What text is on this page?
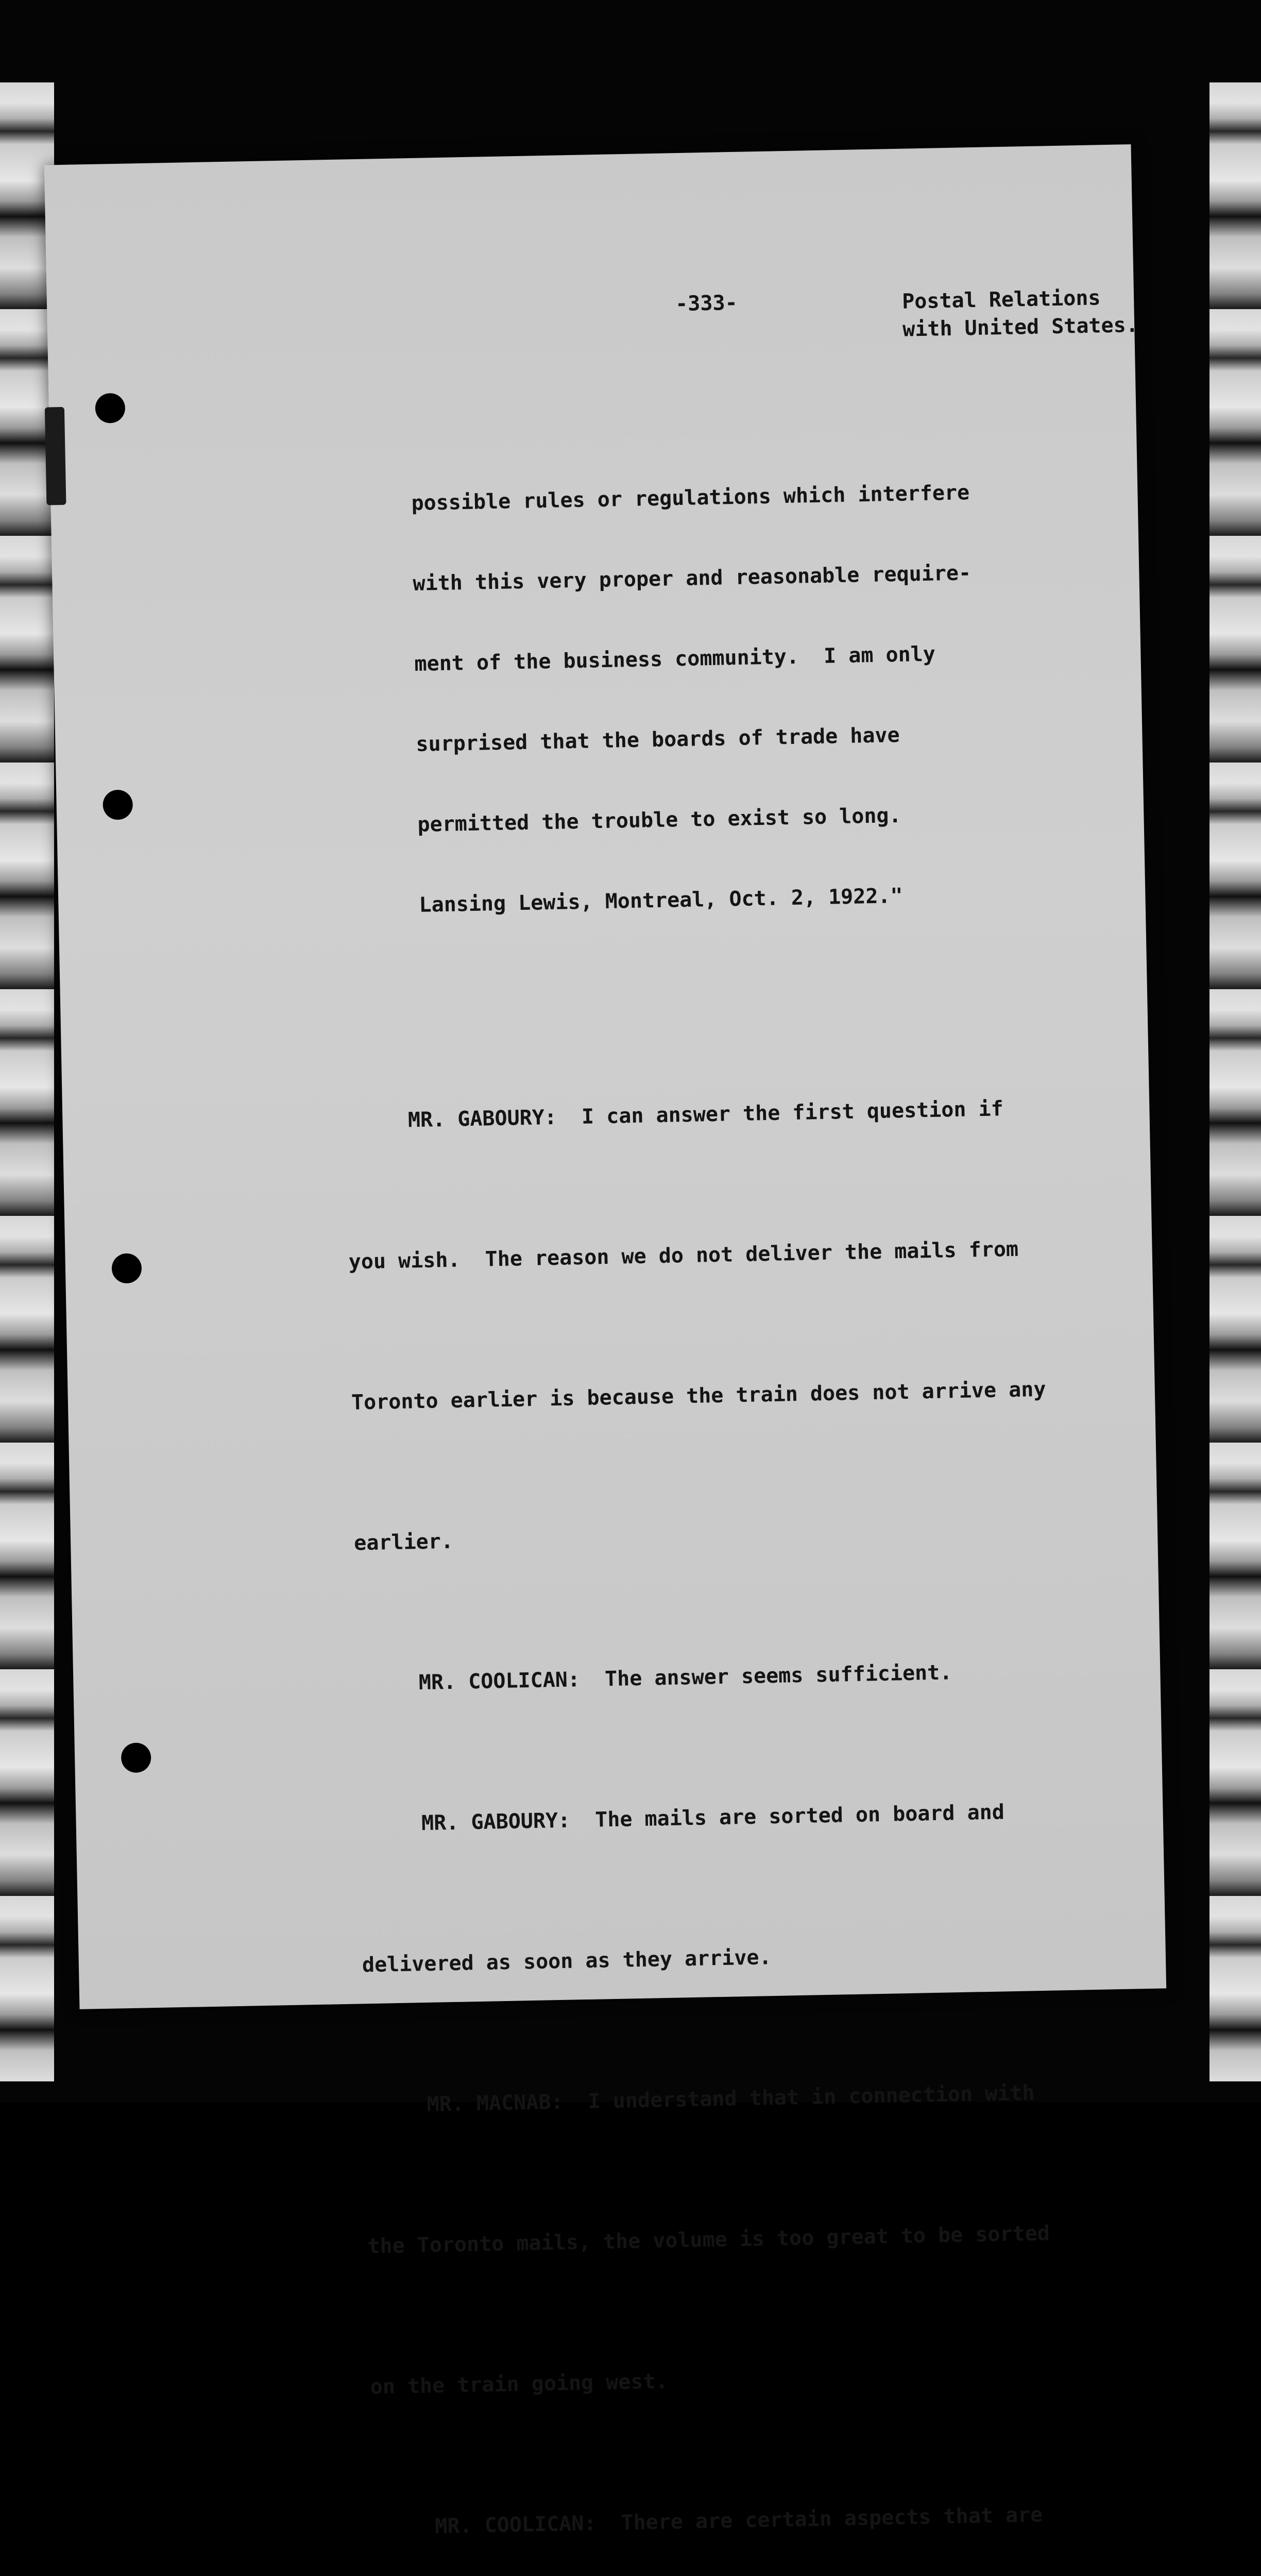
-333-	Postal Relations
with United States.

possible rules or regulations which interfere

with this very proper and reasonable require-

ment of the business community.  I am only

surprised that the boards of trade have

permitted the trouble to exist so long.

Lansing Lewis, Montreal, Oct. 2, 1922."

MR. GABOURY:  I can answer the first question if

you wish.  The reason we do not deliver the mails from

Toronto earlier is because the train does not arrive any

earlier.

MR. COOLICAN:  The answer seems sufficient.

MR. GABOURY:  The mails are sorted on board and

delivered as soon as they arrive.

MR. MACNAB:  I understand that in connection with

the Toronto mails, the volume is too great to be sorted

on the train going west.

MR. COOLICAN:  There are certain aspects that are
